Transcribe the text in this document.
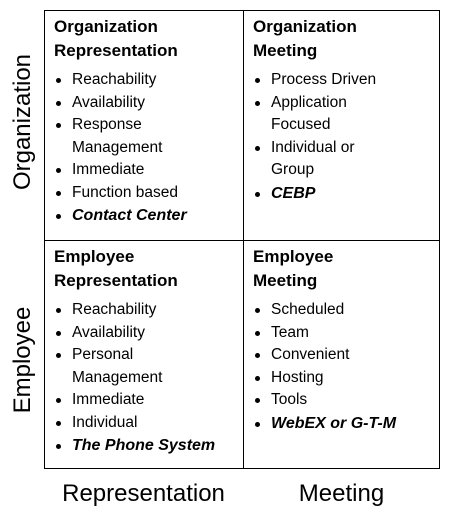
Organization
Employee
Organization
Representation
Reachability
Availability
Response
Management
Immediate
Function based
Contact Center
Organization
Meeting
Process Driven
Application
Focused
Individual or
Group
CEBP
Employee
Representation
Reachability
Availability
Personal
Management
Immediate
Individual
The Phone System
Employee
Meeting
Scheduled
Team
Convenient
Hosting
Tools
WebEX or G-T-M
Representation	Meeting
